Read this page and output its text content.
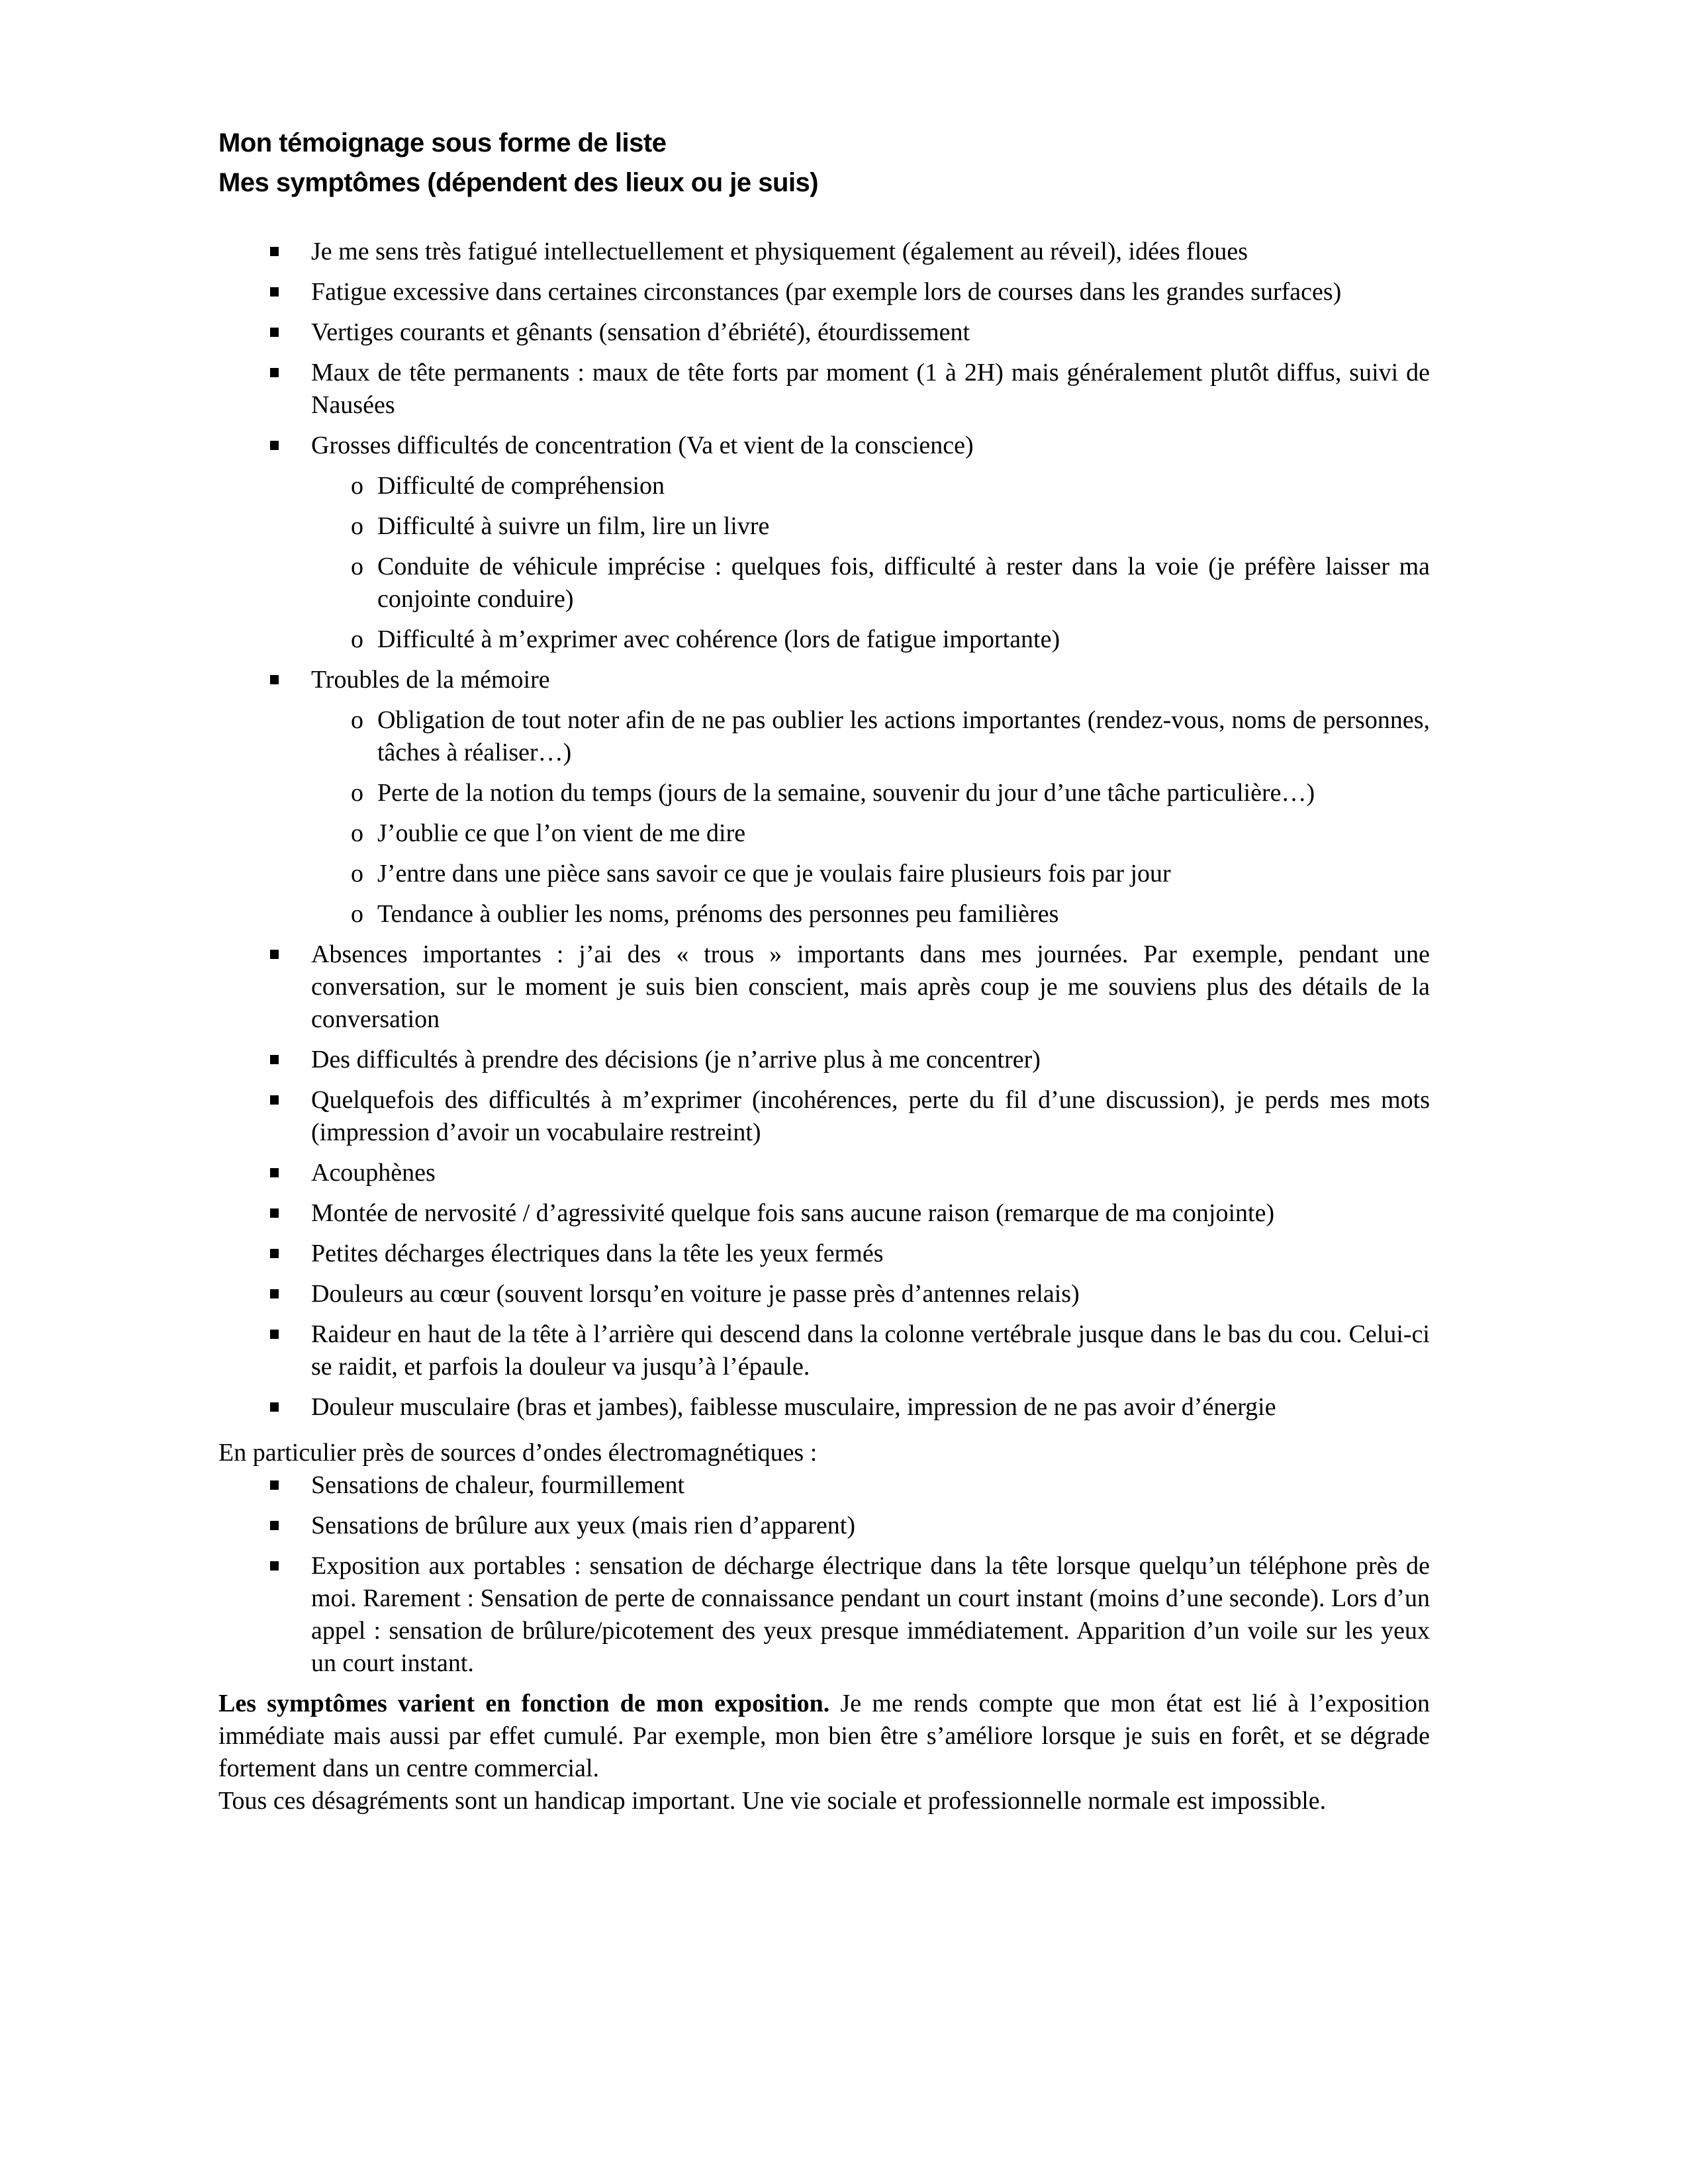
Mon témoignage sous forme de liste
Mes symptômes (dépendent des lieux ou je suis)
Je me sens très fatigué intellectuellement et physiquement (également au réveil), idées floues
Fatigue excessive dans certaines circonstances (par exemple lors de courses dans les grandes surfaces)
Vertiges courants et gênants (sensation d’ébriété), étourdissement
Maux de tête permanents : maux de tête forts par moment (1 à 2H) mais généralement plutôt diffus, suivi de Nausées
Grosses difficultés de concentration (Va et vient de la conscience)
o Difficulté de compréhension
o Difficulté à suivre un film, lire un livre
o Conduite de véhicule imprécise : quelques fois, difficulté à rester dans la voie (je préfère laisser ma conjointe conduire)
o Difficulté à m’exprimer avec cohérence (lors de fatigue importante)
Troubles de la mémoire
o Obligation de tout noter afin de ne pas oublier les actions importantes (rendez-vous, noms de personnes, tâches à réaliser…)
o Perte de la notion du temps (jours de la semaine, souvenir du jour d’une tâche particulière…)
o J’oublie ce que l’on vient de me dire
o J’entre dans une pièce sans savoir ce que je voulais faire plusieurs fois par jour
o Tendance à oublier les noms, prénoms des personnes peu familières
Absences importantes : j’ai des « trous » importants dans mes journées. Par exemple, pendant une conversation, sur le moment je suis bien conscient, mais après coup je me souviens plus des détails de la conversation
Des difficultés à prendre des décisions (je n’arrive plus à me concentrer)
Quelquefois des difficultés à m’exprimer (incohérences, perte du fil d’une discussion), je perds mes mots (impression d’avoir un vocabulaire restreint)
Acouphènes
Montée de nervosité / d’agressivité quelque fois sans aucune raison (remarque de ma conjointe)
Petites décharges électriques dans la tête les yeux fermés
Douleurs au cœur (souvent lorsqu’en voiture je passe près d’antennes relais)
Raideur en haut de la tête à l’arrière qui descend dans la colonne vertébrale jusque dans le bas du cou. Celui-ci se raidit, et parfois la douleur va jusqu’à l’épaule.
Douleur musculaire (bras et jambes), faiblesse musculaire, impression de ne pas avoir d’énergie
En particulier près de sources d’ondes électromagnétiques :
Sensations de chaleur, fourmillement
Sensations de brûlure aux yeux (mais rien d’apparent)
Exposition aux portables : sensation de décharge électrique dans la tête lorsque quelqu’un téléphone près de moi. Rarement : Sensation de perte de connaissance pendant un court instant (moins d’une seconde). Lors d’un appel : sensation de brûlure/picotement des yeux presque immédiatement. Apparition d’un voile sur les yeux un court instant.

Les symptômes varient en fonction de mon exposition. Je me rends compte que mon état est lié à l’exposition immédiate mais aussi par effet cumulé. Par exemple, mon bien être s’améliore lorsque je suis en forêt, et se dégrade fortement dans un centre commercial.

Tous ces désagréments sont un handicap important. Une vie sociale et professionnelle normale est impossible.
